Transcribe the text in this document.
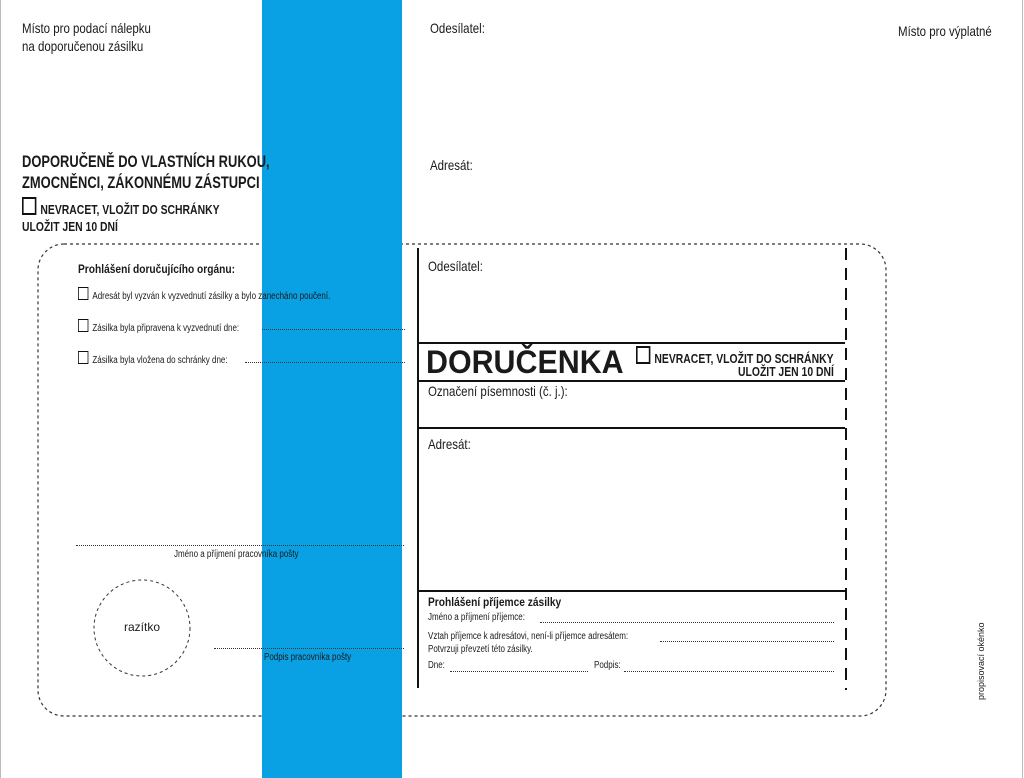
Místo pro podací nálepku
na doporučenou zásilku
Odesílatel:	Místo pro výplatné
Adresát:
DOPORUČENĚ DO VLASTNÍCH RUKOU,
ZMOCNĚNCI, ZÁKONNÉMU ZÁSTUPCI
NEVRACET, VLOŽIT DO SCHRÁNKY
ULOŽIT JEN 10 DNÍ
Prohlášení doručujícího orgánu:
Adresát byl vyzván k vyzvednutí zásilky a bylo zanecháno poučení.
Zásilka byla připravena k vyzvednutí dne:
Zásilka byla vložena do schránky dne:
Jméno a příjmení pracovníka pošty
razítko
Podpis pracovníka pošty
Odesílatel:
DORUČENKA	NEVRACET, VLOŽIT DO SCHRÁNKY
ULOŽIT JEN 10 DNÍ
Označení písemnosti (č. j.):
Adresát:
Prohlášení příjemce zásilky
Jméno a příjmení příjemce:
Vztah příjemce k adresátovi, není-li příjemce adresátem:
Potvrzuji převzetí této zásilky.
Dne:	Podpis:	propisovací okénko
